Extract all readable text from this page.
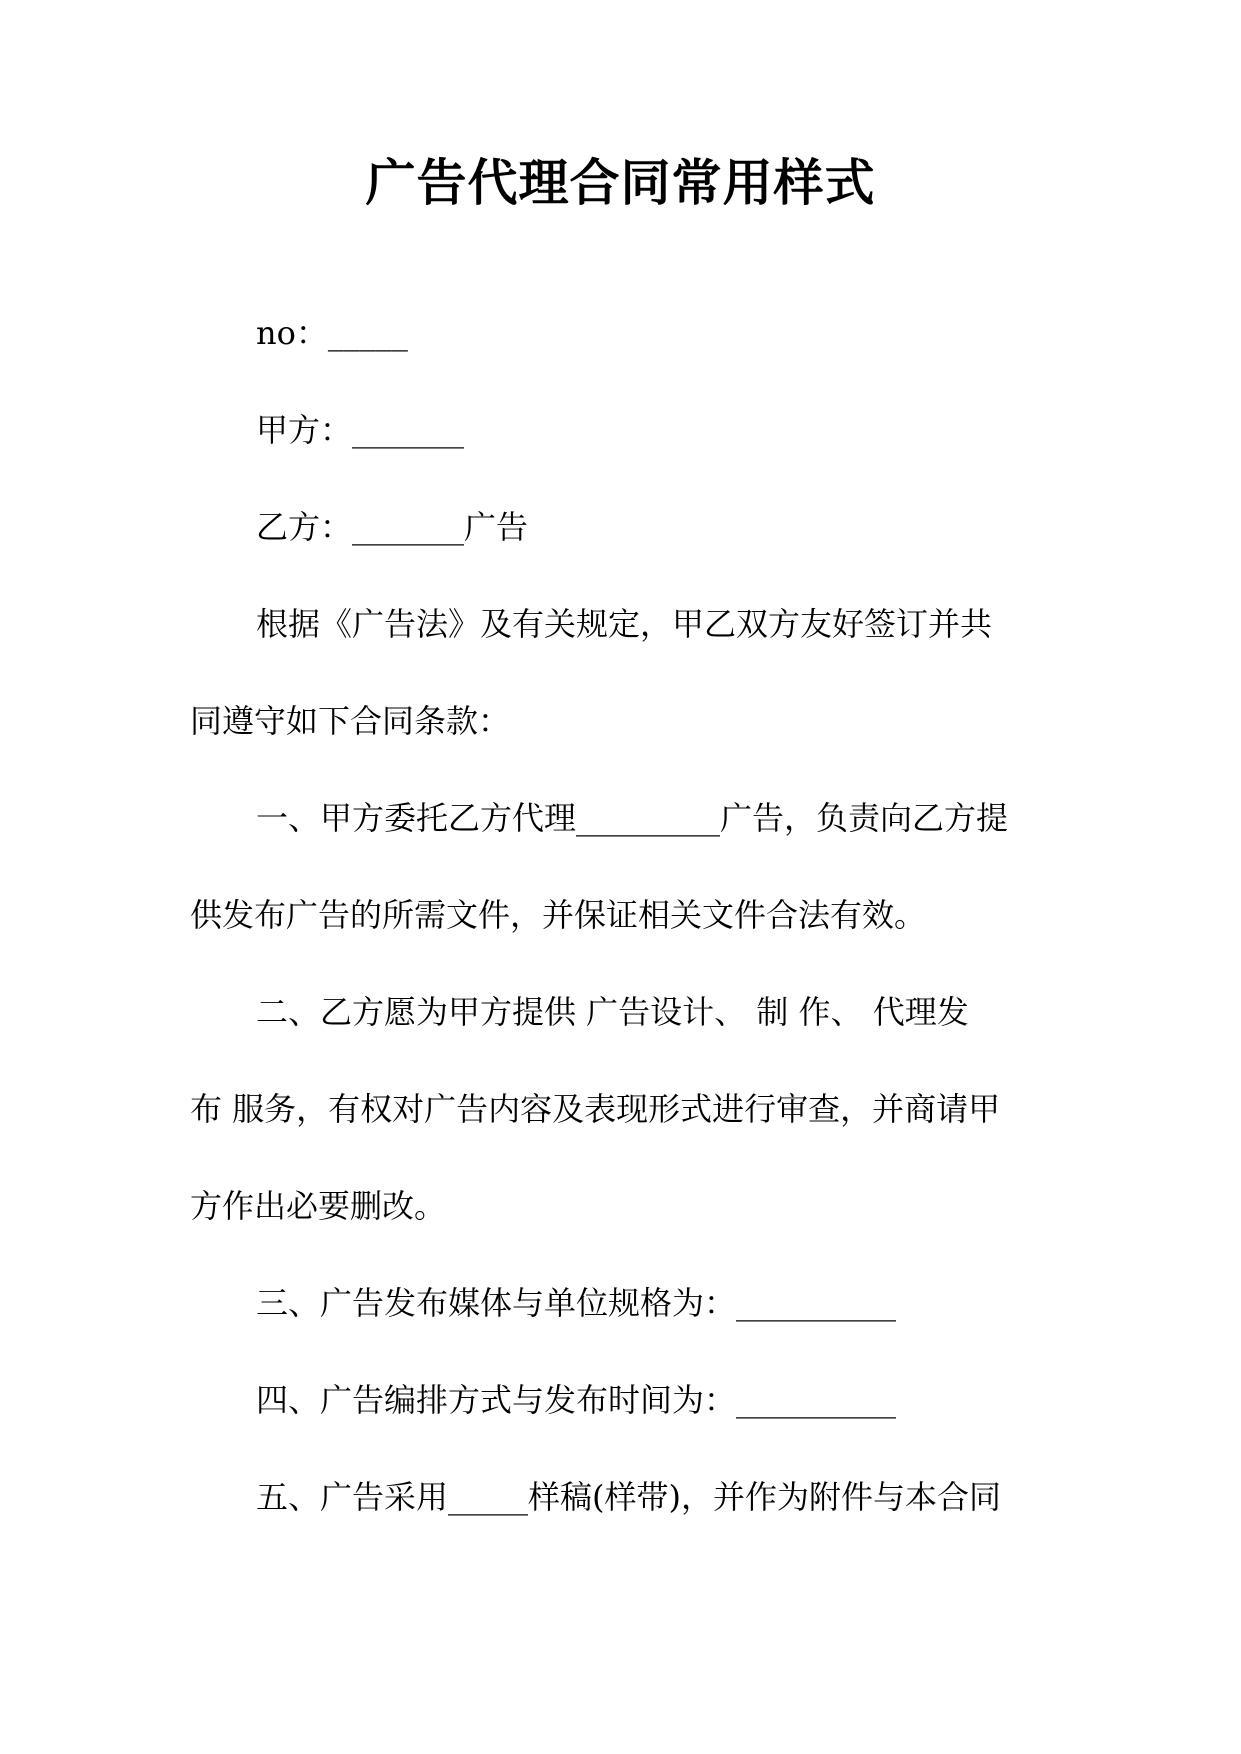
广告代理合同常用样式
no：_____
甲方：_______
乙方：_______广告
根据《广告法》及有关规定，甲乙双方友好签订并共
同遵守如下合同条款：
一、甲方委托乙方代理_________广告，负责向乙方提
供发布广告的所需文件，并保证相关文件合法有效。
二、乙方愿为甲方提供 广告设计、 制 作、 代理发
布 服务，有权对广告内容及表现形式进行审查，并商请甲
方作出必要删改。
三、广告发布媒体与单位规格为：__________
四、广告编排方式与发布时间为：__________
五、广告采用_____样稿(样带)，并作为附件与本合同
